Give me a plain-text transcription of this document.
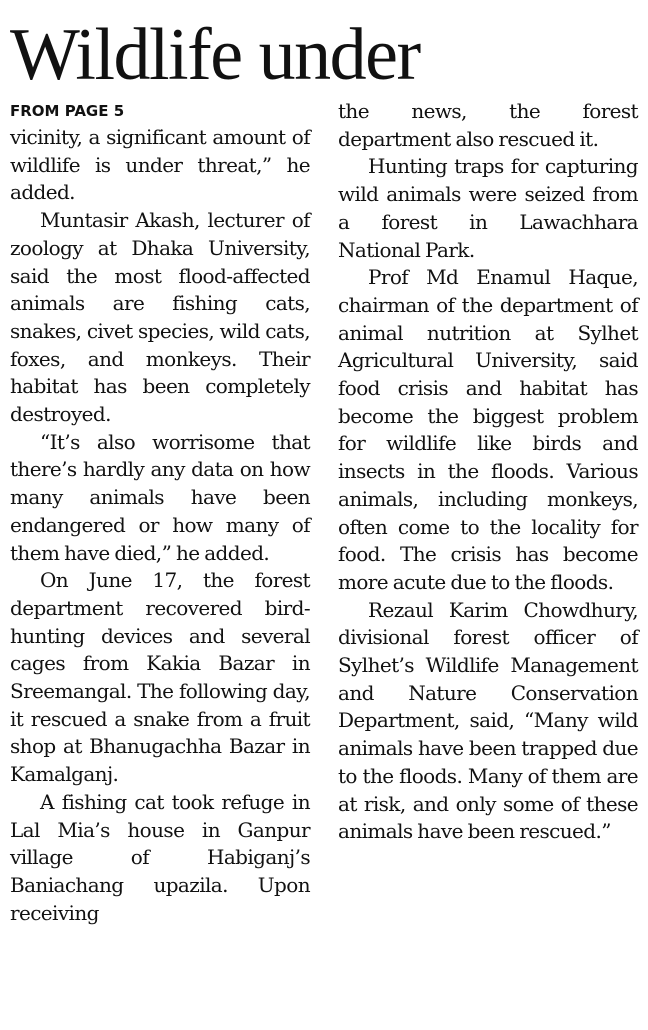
Wildlife under
FROM PAGE 5

vicinity, a significant amount of wildlife is under threat,” he added.

Muntasir Akash, lecturer of zoology at Dhaka University, said the most flood-affected animals are fishing cats, snakes, civet species, wild cats, foxes, and monkeys. Their habitat has been completely destroyed.

“It’s also worrisome that there’s hardly any data on how many animals have been endangered or how many of them have died,” he added.

On June 17, the forest department recovered bird-hunting devices and several cages from Kakia Bazar in Sreemangal. The following day, it rescued a snake from a fruit shop at Bhanugachha Bazar in Kamalganj.

A fishing cat took refuge in Lal Mia’s house in Ganpur village of Habiganj’s Baniachang upazila. Upon receiving

the news, the forest department also rescued it.

Hunting traps for capturing wild animals were seized from a forest in Lawachhara National Park.

Prof Md Enamul Haque, chairman of the department of animal nutrition at Sylhet Agricultural University, said food crisis and habitat has become the biggest problem for wildlife like birds and insects in the floods. Various animals, including monkeys, often come to the locality for food. The crisis has become more acute due to the floods.

Rezaul Karim Chowdhury, divisional forest officer of Sylhet’s Wildlife Management and Nature Conservation Department, said, “Many wild animals have been trapped due to the floods. Many of them are at risk, and only some of these animals have been rescued.”
